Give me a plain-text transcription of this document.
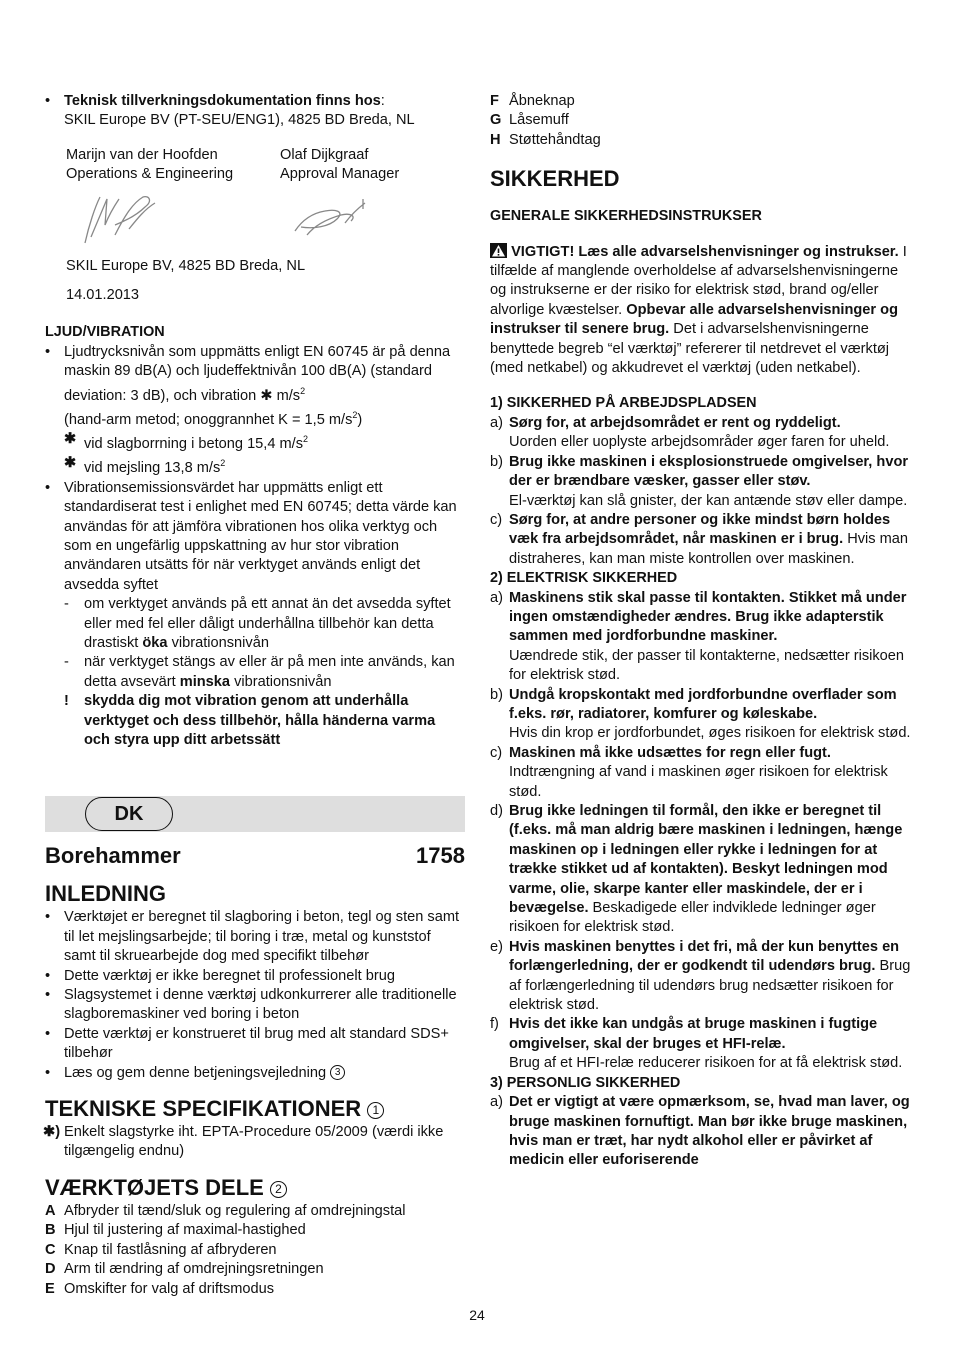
• Teknisk tillverkningsdokumentation finns hos:
SKIL Europe BV (PT-SEU/ENG1), 4825 BD Breda, NL

Marijn van der Hoofden
Operations & Engineering
Olaf Dijkgraaf
Approval Manager

SKIL Europe BV, 4825 BD Breda, NL

14.01.2013

LJUD/VIBRATION

• Ljudtrycksnivån som uppmätts enligt EN 60745 är på denna maskin 89 dB(A) och ljudeffektnivån 100 dB(A) (standard deviation: 3 dB), och vibration ✱ $m/s^2$
(hand-arm metod; onoggrannhet K = 1,5 $m/s^2$)

✱ vid slagborrning i betong 15,4 $m/s^2$

✱ vid mejsling 13,8 $m/s^2$

• Vibrationsemissionsvärdet har uppmätts enligt ett standardiserat test i enlighet med EN 60745; detta värde kan användas för att jämföra vibrationen hos olika verktyg och som en ungefärlig uppskattning av hur stor vibration användaren utsätts för när verktyget används enligt det avsedda syftet

- om verktyget används på ett annat än det avsedda syftet eller med fel eller dåligt underhållna tillbehör kan detta drastiskt öka vibrationsnivån

- när verktyget stängs av eller är på men inte används, kan detta avsevärt minska vibrationsnivån

! skydda dig mot vibration genom att underhålla verktyget och dess tillbehör, hålla händerna varma och styra upp ditt arbetssätt

DK
Borehammer	1758
INLEDNING

• Værktøjet er beregnet til slagboring i beton, tegl og sten samt til let mejslingsarbejde; til boring i træ, metal og kunststof samt til skruearbejde dog med specifikt tilbehør

• Dette værktøj er ikke beregnet til professionelt brug

• Slagsystemet i denne værktøj udkonkurrerer alle traditionelle slagboremaskiner ved boring i beton

• Dette værktøj er konstrueret til brug med alt standard SDS+ tilbehør

• Læs og gem denne betjeningsvejledning 3

TEKNISKE SPECIFIKATIONER 1

✱) Enkelt slagstyrke iht. EPTA-Procedure 05/2009 (værdi ikke tilgængelig endnu)

VÆRKTØJETS DELE 2

A Afbryder til tænd/sluk og regulering af omdrejningstal

B Hjul til justering af maximal-hastighed

C Knap til fastlåsning af afbryderen

D Arm til ændring af omdrejningsretningen

E Omskifter for valg af driftsmodus

F Åbneknap

G Låsemuff

H Støttehåndtag

SIKKERHED

GENERALE SIKKERHEDSINSTRUKSER

VIGTIGT! Læs alle advarselshenvisninger og instrukser. I tilfælde af manglende overholdelse af advarselshenvisningerne og instrukserne er der risiko for elektrisk stød, brand og/eller alvorlige kvæstelser. Opbevar alle advarselshenvisninger og instrukser til senere brug. Det i advarselshenvisningerne benyttede begreb “el værktøj” refererer til netdrevet el værktøj
(med netkabel) og akkudrevet el værktøj (uden netkabel).

1) SIKKERHED PÅ ARBEJDSPLADSEN

a) Sørg for, at arbejdsområdet er rent og ryddeligt.
Uorden eller uoplyste arbejdsområder øger faren for uheld.

b) Brug ikke maskinen i eksplosionstruede omgivelser, hvor der er brændbare væsker, gasser eller støv.
El-værktøj kan slå gnister, der kan antænde støv eller dampe.

c) Sørg for, at andre personer og ikke mindst børn holdes væk fra arbejdsområdet, når maskinen er i brug. Hvis man distraheres, kan man miste kontrollen over maskinen.

2) ELEKTRISK SIKKERHED

a) Maskinens stik skal passe til kontakten. Stikket må under ingen omstændigheder ændres. Brug ikke adapterstik sammen med jordforbundne maskiner.
Uændrede stik, der passer til kontakterne, nedsætter risikoen for elektrisk stød.

b) Undgå kropskontakt med jordforbundne overflader som f.eks. rør, radiatorer, komfurer og køleskabe.
Hvis din krop er jordforbundet, øges risikoen for elektrisk stød.

c) Maskinen må ikke udsættes for regn eller fugt.
Indtrængning af vand i maskinen øger risikoen for elektrisk stød.

d) Brug ikke ledningen til formål, den ikke er beregnet til (f.eks. må man aldrig bære maskinen i ledningen, hænge maskinen op i ledningen eller rykke i ledningen for at trække stikket ud af kontakten). Beskyt ledningen mod varme, olie, skarpe kanter eller maskindele, der er i bevægelse. Beskadigede eller indviklede ledninger øger risikoen for elektrisk stød.

e) Hvis maskinen benyttes i det fri, må der kun benyttes en forlængerledning, der er godkendt til udendørs brug. Brug af forlængerledning til udendørs brug nedsætter risikoen for elektrisk stød.

f) Hvis det ikke kan undgås at bruge maskinen i fugtige omgivelser, skal der bruges et HFI-relæ.
Brug af et HFI-relæ reducerer risikoen for at få elektrisk stød.

3) PERSONLIG SIKKERHED

a) Det er vigtigt at være opmærksom, se, hvad man laver, og bruge maskinen fornuftigt. Man bør ikke bruge maskinen, hvis man er træt, har nydt alkohol eller er påvirket af medicin eller euforiserende

24
